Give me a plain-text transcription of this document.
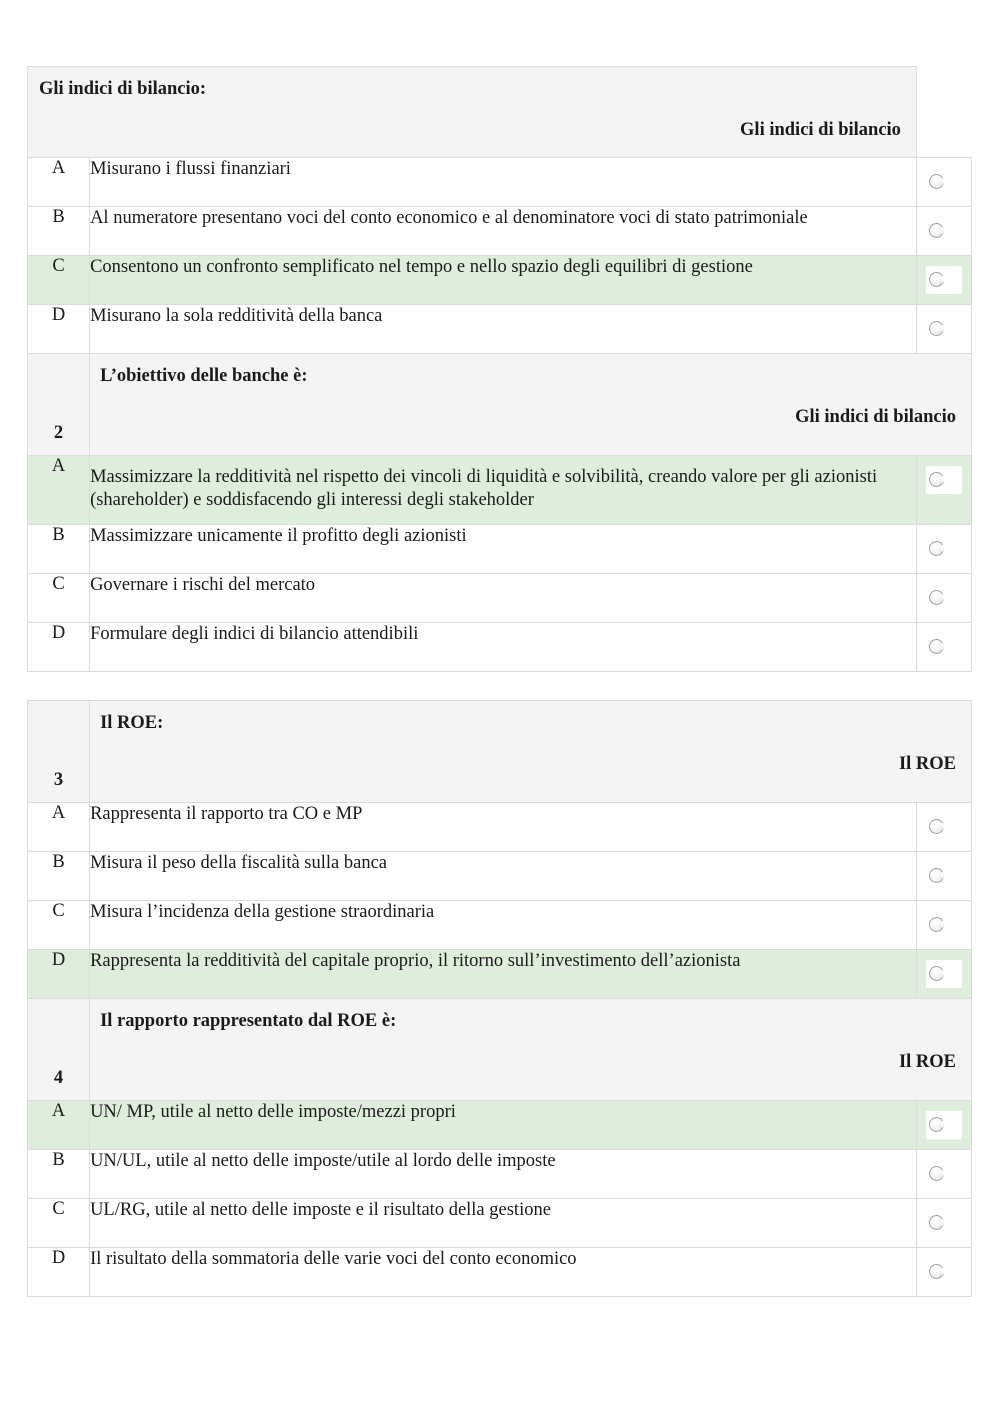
Gli indici di bilancio:
Gli indici di bilancio		

A	Misurano i flussi finanziari	

B	Al numeratore presentano voci del conto economico e al denominatore voci di stato patrimoniale	

C	Consentono un confronto semplificato nel tempo e nello spazio degli equilibri di gestione	

D	Misurano la sola redditività della banca	

2	L’obiettivo delle banche è:
Gli indici di bilancio	

A	Massimizzare la redditività nel rispetto dei vincoli di liquidità e solvibilità, creando valore per gli azionisti (shareholder) e soddisfacendo gli interessi degli stakeholder	

B	Massimizzare unicamente il profitto degli azionisti	

C	Governare i rischi del mercato	

D	Formulare degli indici di bilancio attendibili	
3	Il ROE:
Il ROE	

A	Rappresenta il rapporto tra CO e MP	

B	Misura il peso della fiscalità sulla banca	

C	Misura l’incidenza della gestione straordinaria	

D	Rappresenta la redditività del capitale proprio, il ritorno sull’investimento dell’azionista	

4	Il rapporto rappresentato dal ROE è:
Il ROE	

A	UN/ MP, utile al netto delle imposte/mezzi propri	

B	UN/UL, utile al netto delle imposte/utile al lordo delle imposte	

C	UL/RG, utile al netto delle imposte e il risultato della gestione	

D	Il risultato della sommatoria delle varie voci del conto economico	
